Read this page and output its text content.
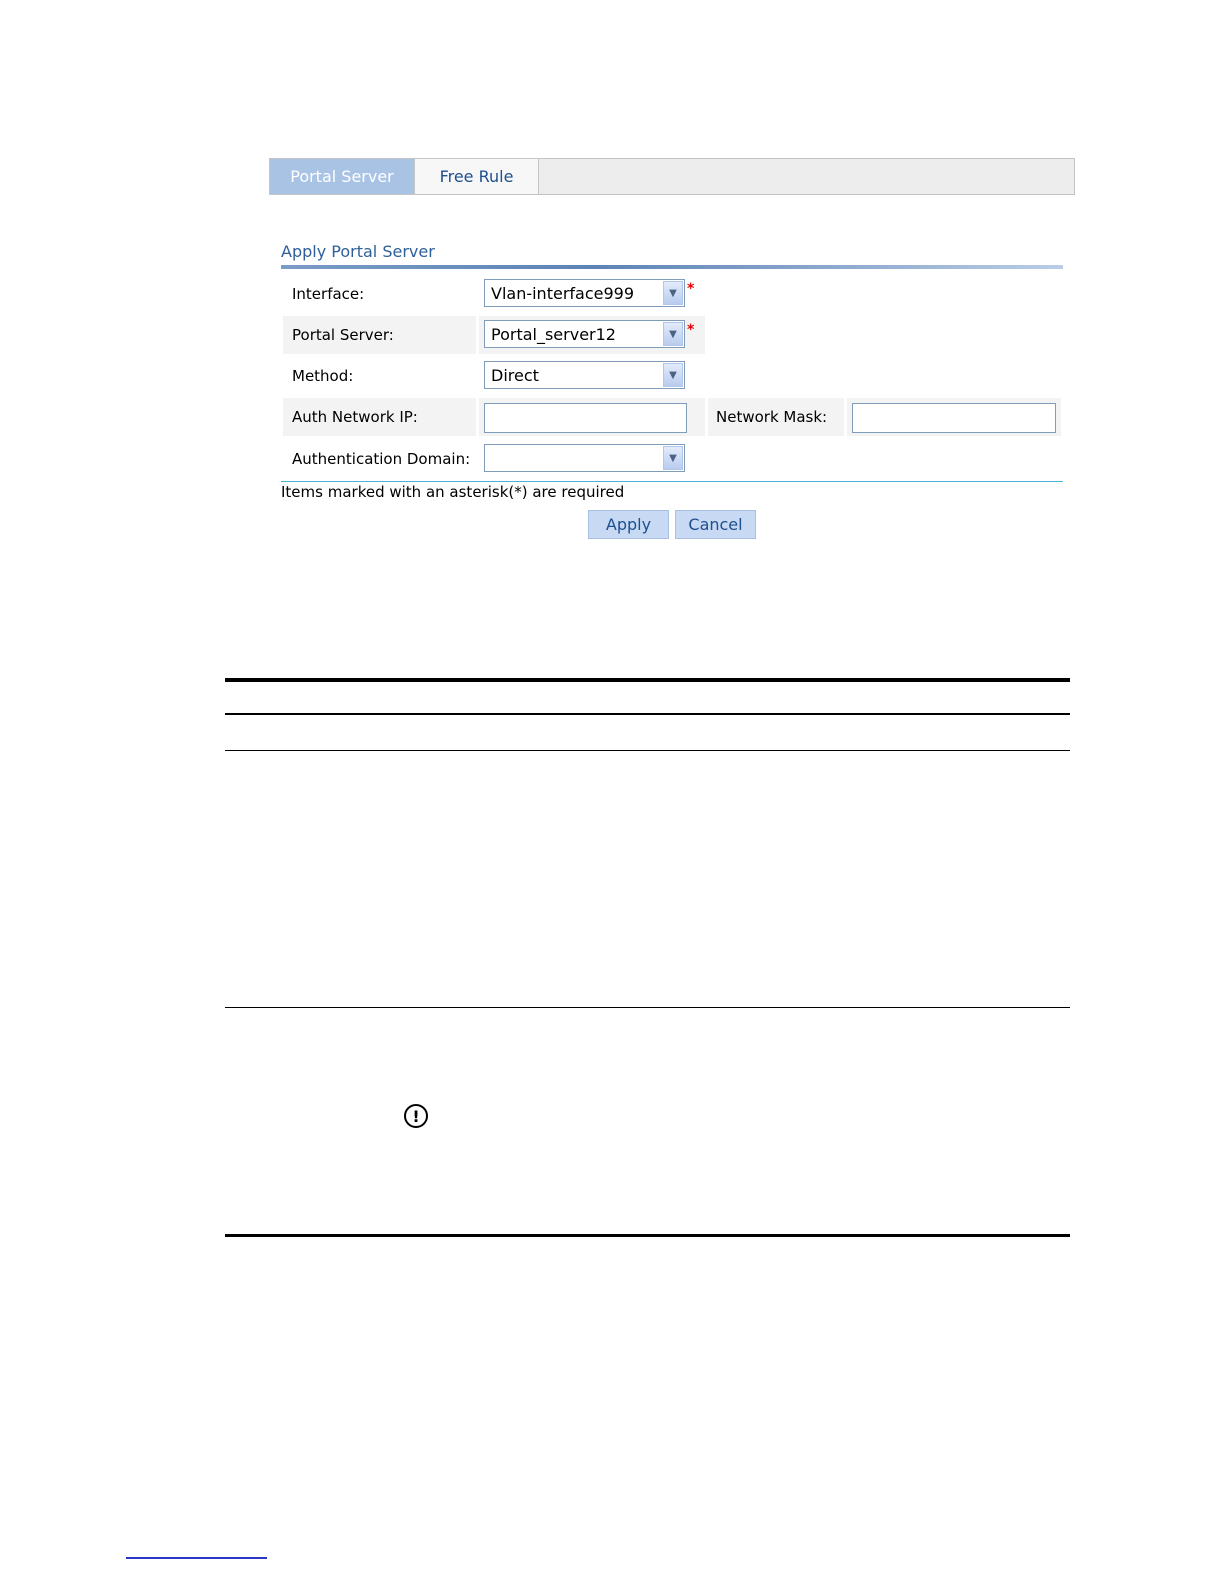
Portal Server	Free Rule
Apply Portal Server
Interface:	Vlan-interface999	▼ *
Portal Server:	Portal_server12	▼ *
Method:	Direct	▼
Auth Network IP:	Network Mask:
Authentication Domain:	▼
Items marked with an asterisk(*) are required
Apply	Cancel
!
